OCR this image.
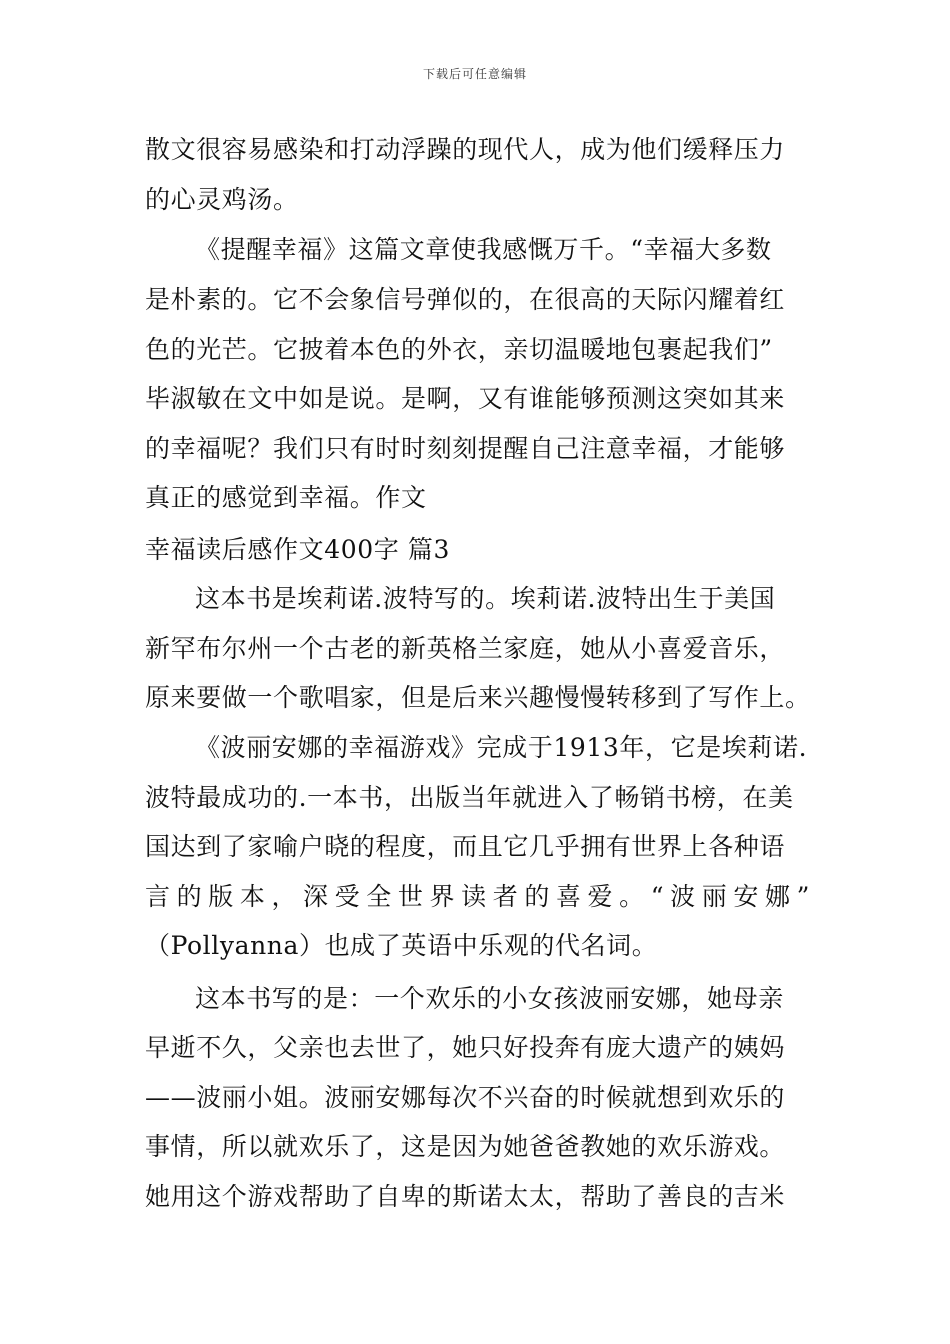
下载后可任意编辑
散文很容易感染和打动浮躁的现代人，成为他们缓释压力
的心灵鸡汤。
《提醒幸福》这篇文章使我感慨万千。“幸福大多数
是朴素的。它不会象信号弹似的，在很高的天际闪耀着红
色的光芒。它披着本色的外衣，亲切温暖地包裹起我们”
毕淑敏在文中如是说。是啊，又有谁能够预测这突如其来
的幸福呢？我们只有时时刻刻提醒自己注意幸福，才能够
真正的感觉到幸福。作文
幸福读后感作文400字 篇3
这本书是埃莉诺.波特写的。埃莉诺.波特出生于美国
新罕布尔州一个古老的新英格兰家庭，她从小喜爱音乐，
原来要做一个歌唱家，但是后来兴趣慢慢转移到了写作上。
《波丽安娜的幸福游戏》完成于1913年，它是埃莉诺.
波特最成功的.一本书，出版当年就进入了畅销书榜，在美
国达到了家喻户晓的程度，而且它几乎拥有世界上各种语
言的版本，深受全世界读者的喜爱。“波丽安娜”
（Pollyanna）也成了英语中乐观的代名词。
这本书写的是：一个欢乐的小女孩波丽安娜，她母亲
早逝不久，父亲也去世了，她只好投奔有庞大遗产的姨妈
——波丽小姐。波丽安娜每次不兴奋的时候就想到欢乐的
事情，所以就欢乐了，这是因为她爸爸教她的欢乐游戏。
她用这个游戏帮助了自卑的斯诺太太，帮助了善良的吉米
